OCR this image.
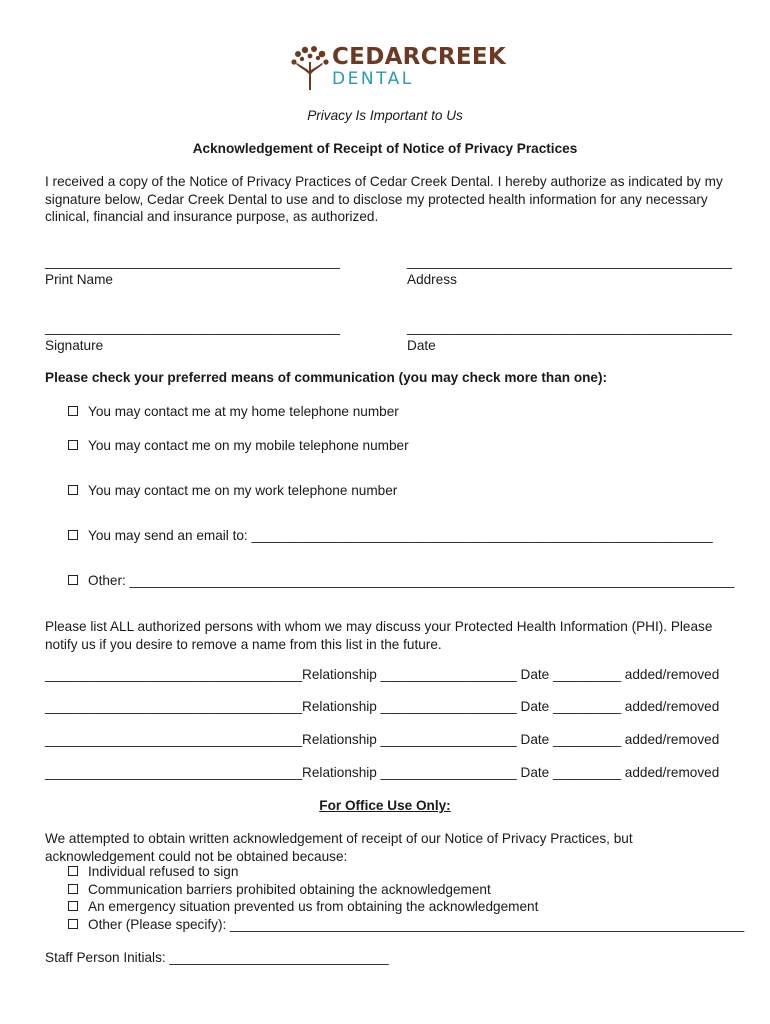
CEDARCREEK
DENTAL
Privacy Is Important to Us
Acknowledgement of Receipt of Notice of Privacy Practices
I received a copy of the Notice of Privacy Practices of Cedar Creek Dental. I hereby authorize as indicated by my signature below, Cedar Creek Dental to use and to disclose my protected health information for any necessary clinical, financial and insurance purpose, as authorized.
_______________________________________	___________________________________________
Print Name	Address
_______________________________________	___________________________________________
Signature	Date
Please check your preferred means of communication (you may check more than one):
You may contact me at my home telephone number
You may contact me on my mobile telephone number
You may contact me on my work telephone number
You may send an email to: _____________________________________________________________
Other: ________________________________________________________________________________
Please list ALL authorized persons with whom we may discuss your Protected Health Information (PHI). Please notify us if you desire to remove a name from this list in the future.
__________________________________Relationship __________________ Date _________ added/removed
__________________________________Relationship __________________ Date _________ added/removed
__________________________________Relationship __________________ Date _________ added/removed
__________________________________Relationship __________________ Date _________ added/removed
For Office Use Only:
We attempted to obtain written acknowledgement of receipt of our Notice of Privacy Practices, but acknowledgement could not be obtained because:
Individual refused to sign
Communication barriers prohibited obtaining the acknowledgement
An emergency situation prevented us from obtaining the acknowledgement
Other (Please specify): ____________________________________________________________________
Staff Person Initials: _____________________________
